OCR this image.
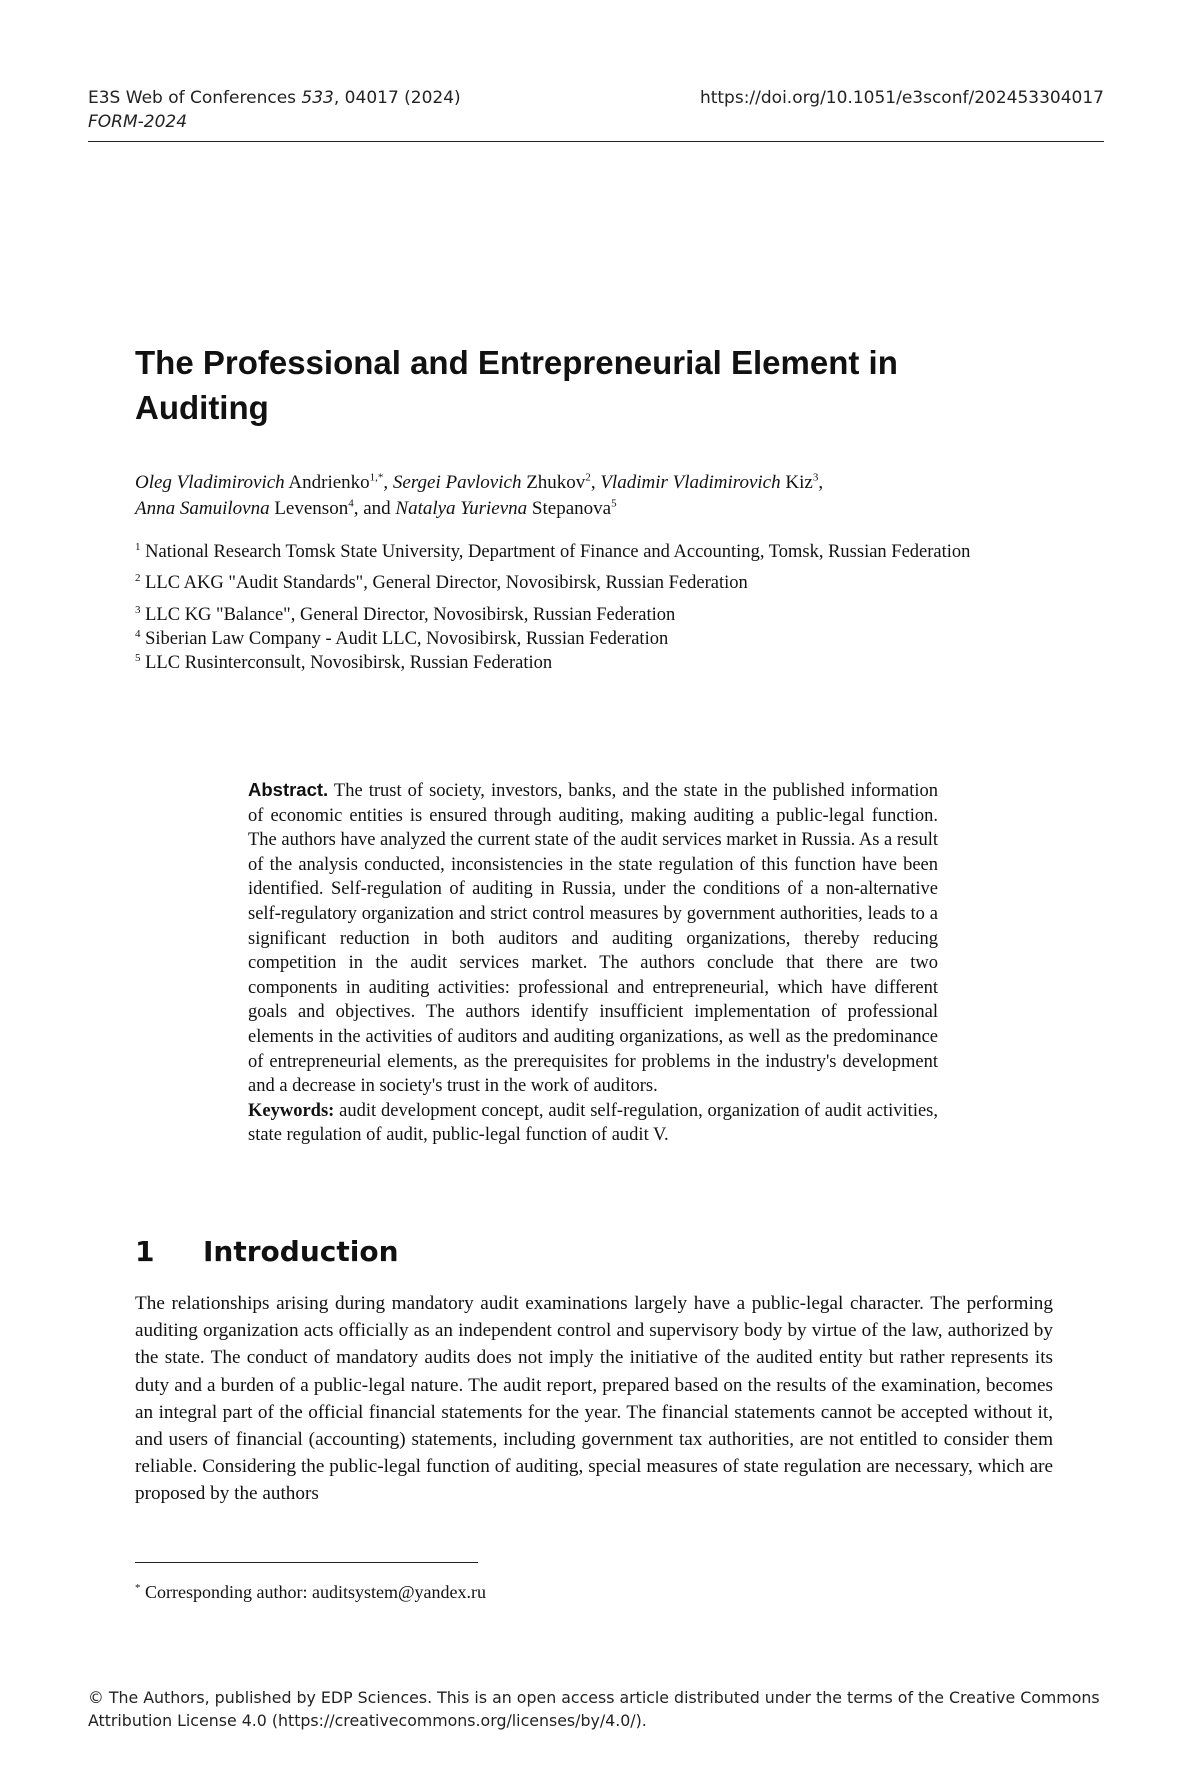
E3S Web of Conferences 533, 04017 (2024)
FORM-2024
https://doi.org/10.1051/e3sconf/202453304017
The Professional and Entrepreneurial Element in Auditing
Oleg Vladimirovich Andrienko$^{1,*}$, Sergei Pavlovich Zhukov$^2$, Vladimir Vladimirovich Kiz$^3$,
Anna Samuilovna Levenson$^4$, and Natalya Yurievna Stepanova$^5$

$^1$ National Research Tomsk State University, Department of Finance and Accounting, Tomsk, Russian Federation

$^2$ LLC AKG "Audit Standards", General Director, Novosibirsk, Russian Federation

$^3$ LLC KG "Balance", General Director, Novosibirsk, Russian Federation

$^4$ Siberian Law Company - Audit LLC, Novosibirsk, Russian Federation

$^5$ LLC Rusinterconsult, Novosibirsk, Russian Federation

Abstract. The trust of society, investors, banks, and the state in the published information of economic entities is ensured through auditing, making auditing a public-legal function. The authors have analyzed the current state of the audit services market in Russia. As a result of the analysis conducted, inconsistencies in the state regulation of this function have been identified. Self-regulation of auditing in Russia, under the conditions of a non-alternative self-regulatory organization and strict control measures by government authorities, leads to a significant reduction in both auditors and auditing organizations, thereby reducing competition in the audit services market. The authors conclude that there are two components in auditing activities: professional and entrepreneurial, which have different goals and objectives. The authors identify insufficient implementation of professional elements in the activities of auditors and auditing organizations, as well as the predominance of entrepreneurial elements, as the prerequisites for problems in the industry's development and a decrease in society's trust in the work of auditors.

Keywords: audit development concept, audit self-regulation, organization of audit activities, state regulation of audit, public-legal function of audit V.

1 Introduction

The relationships arising during mandatory audit examinations largely have a public-legal character. The performing auditing organization acts officially as an independent control and supervisory body by virtue of the law, authorized by the state. The conduct of mandatory audits does not imply the initiative of the audited entity but rather represents its duty and a burden of a public-legal nature. The audit report, prepared based on the results of the examination, becomes an integral part of the official financial statements for the year. The financial statements cannot be accepted without it, and users of financial (accounting) statements, including government tax authorities, are not entitled to consider them reliable. Considering the public-legal function of auditing, special measures of state regulation are necessary, which are proposed by the authors

* Corresponding author: auditsystem@yandex.ru

© The Authors, published by EDP Sciences. This is an open access article distributed under the terms of the Creative Commons Attribution License 4.0 (https://creativecommons.org/licenses/by/4.0/).
